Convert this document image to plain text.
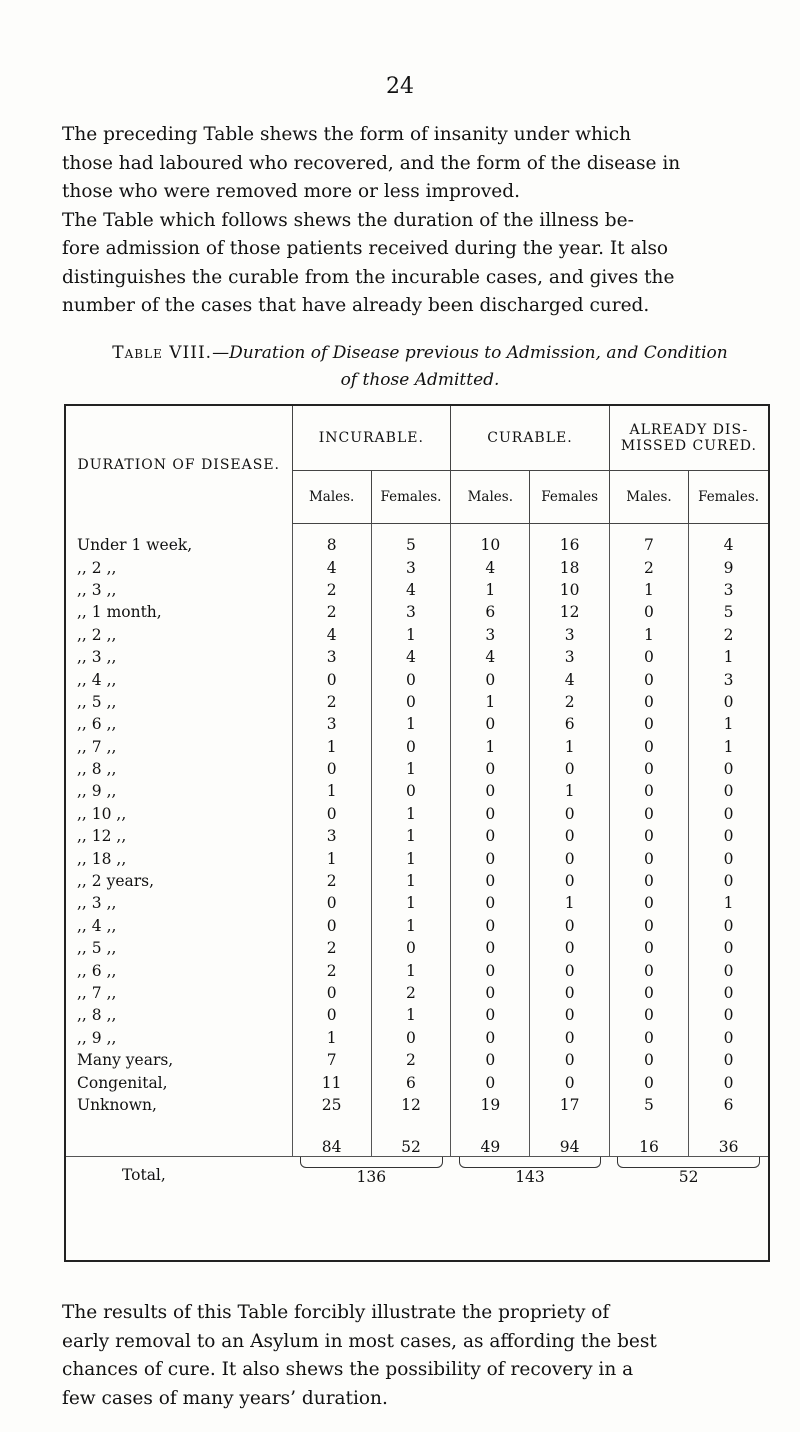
24
The preceding Table shews the form of insanity under which
those had laboured who recovered, and the form of the disease in
those who were removed more or less improved.
The Table which follows shews the duration of the illness be-
fore admission of those patients received during the year. It also
distinguishes the curable from the incurable cases, and gives the
number of the cases that have already been discharged cured.
Table VIII.—Duration of Disease previous to Admission, and Condition
of those Admitted.
DURATION OF DISEASE.	INCURABLE.		CURABLE.		ALREADY DIS- MISSED CURED.	
	Males.	Females.	Males.	Females	Males.	Females.
Under 1 week,	8	5	10	16	7	4
,, 2 ,,	4	3	4	18	2	9
,, 3 ,,	2	4	1	10	1	3
,, 1 month,	2	3	6	12	0	5
,, 2 ,,	4	1	3	3	1	2
,, 3 ,,	3	4	4	3	0	1
,, 4 ,,	0	0	0	4	0	3
,, 5 ,,	2	0	1	2	0	0
,, 6 ,,	3	1	0	6	0	1
,, 7 ,,	1	0	1	1	0	1
,, 8 ,,	0	1	0	0	0	0
,, 9 ,,	1	0	0	1	0	0
,, 10 ,,	0	1	0	0	0	0
,, 12 ,,	3	1	0	0	0	0
,, 18 ,,	1	1	0	0	0	0
,, 2 years,	2	1	0	0	0	0
,, 3 ,,	0	1	0	1	0	1
,, 4 ,,	0	1	0	0	0	0
,, 5 ,,	2	0	0	0	0	0
,, 6 ,,	2	1	0	0	0	0
,, 7 ,,	0	2	0	0	0	0
,, 8 ,,	0	1	0	0	0	0
,, 9 ,,	1	0	0	0	0	0
Many years,	7	2	0	0	0	0
Congenital,	11	6	0	0	0	0
Unknown,	25	12	19	17	5	6
	84	52	49	94	16	36
Total,	136		143		52	
The results of this Table forcibly illustrate the propriety of
early removal to an Asylum in most cases, as affording the best
chances of cure. It also shews the possibility of recovery in a
few cases of many years’ duration.
